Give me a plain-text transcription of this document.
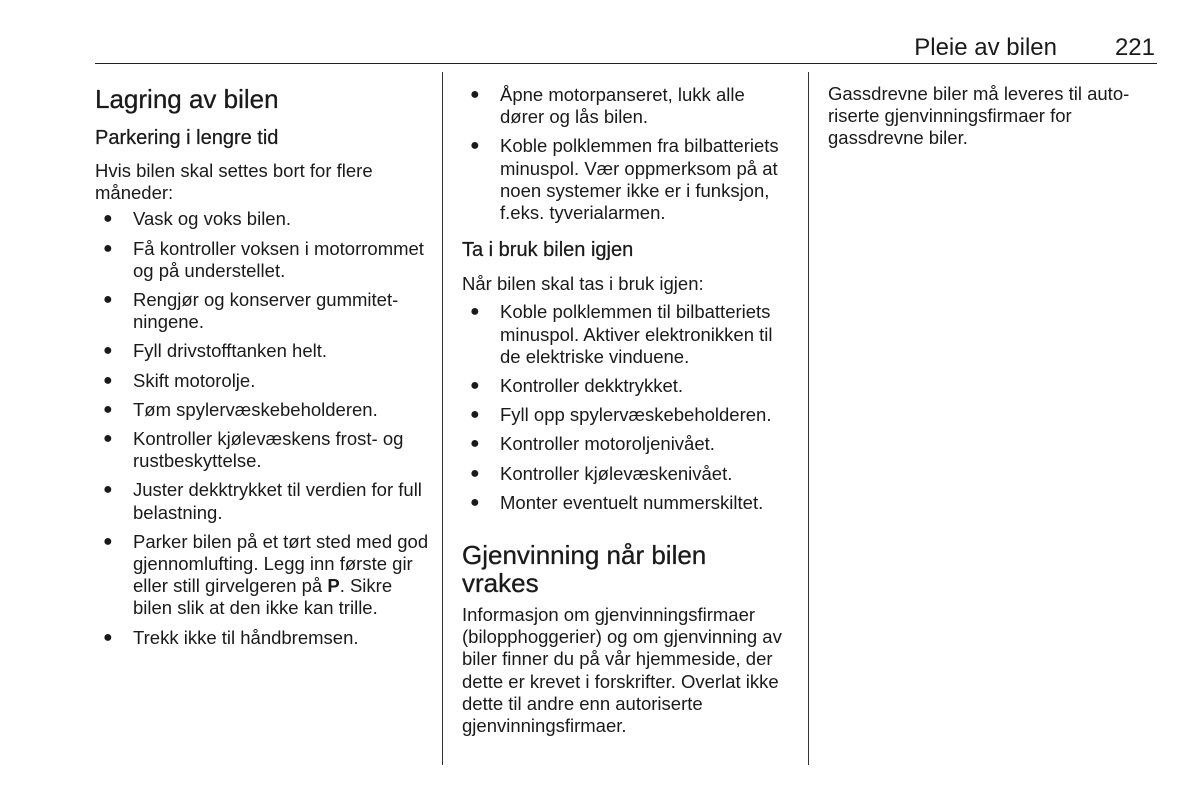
Pleie av bilen 221
Lagring av bilen
Parkering i lengre tid

Hvis bilen skal settes bort for flere måneder:

● Vask og voks bilen.
● Få kontroller voksen i motorrommet og på understellet.
● Rengjør og konserver gummitetningene.
● Fyll drivstofftanken helt.
● Skift motorolje.
● Tøm spylervæskebeholderen.
● Kontroller kjølevæskens frost- og rustbeskyttelse.
● Juster dekktrykket til verdien for full belastning.
● Parker bilen på et tørt sted med god gjennomlufting. Legg inn første gir eller still girvelgeren på P. Sikre bilen slik at den ikke kan trille.
● Trekk ikke til håndbremsen.
● Åpne motorpanseret, lukk alle dører og lås bilen.
● Koble polklemmen fra bilbatteriets minuspol. Vær oppmerksom på at noen systemer ikke er i funksjon, f.eks. tyverialarmen.
Ta i bruk bilen igjen

Når bilen skal tas i bruk igjen:

● Koble polklemmen til bilbatteriets minuspol. Aktiver elektronikken til de elektriske vinduene.
● Kontroller dekktrykket.
● Fyll opp spylervæskebeholderen.
● Kontroller motoroljenivået.
● Kontroller kjølevæskenivået.
● Monter eventuelt nummerskiltet.
Gjenvinning når bilen vrakes

Informasjon om gjenvinningsfirmaer (bilopphoggerier) og om gjenvinning av biler finner du på vår hjemmeside, der dette er krevet i forskrifter. Overlat ikke dette til andre enn autoriserte gjenvinningsfirmaer.

Gassdrevne biler må leveres til autoriserte gjenvinningsfirmaer for gassdrevne biler.
